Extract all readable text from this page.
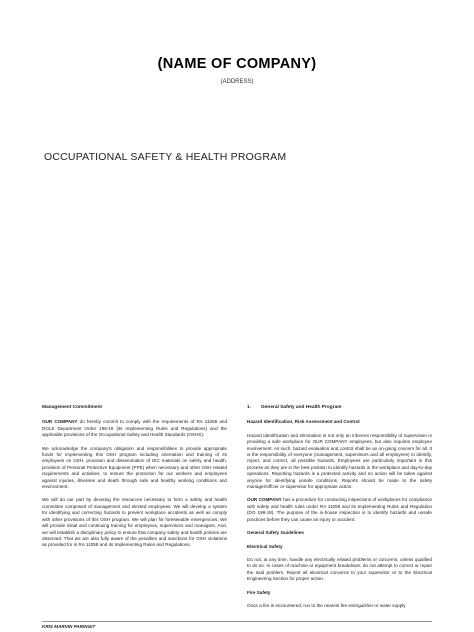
(NAME OF COMPANY)
(ADDRESS)
OCCUPATIONAL SAFETY & HEALTH PROGRAM
Management Commitment
OUR COMPANY do hereby commit to comply with the requirements of RA 11058 and DOLE Department Order 198-18 (its Implementing Rules and Regulations) and the applicable provisions of the Occupational Safety and Health Standards (OSHS).
We acknowledge the company's obligation and responsibilities to provide appropriate funds for implementing this OSH program including orientation and training of its employees on OSH, provision and dissemination of IEC materials on safety and health, provision of Personal Protective Equipment (PPE) when necessary and other OSH related requirements and activities, to ensure the protection for our workers and employees against injuries, illnesses and death through safe and healthy working conditions and environment.
We will do our part by devoting the resources necessary to form a safety and health committee composed of management and elected employees. We will develop a system for identifying and correcting hazards to prevent workplace accidents as well as comply with other provisions of this OSH program. We will plan for foreseeable emergencies. We will provide initial and continuing training for employees, supervisors and managers. And, we will establish a disciplinary policy to ensure that company safety and health policies are observed. That we are also fully aware of the penalties and sanctions for OSH violations as provided for in RA 11058 and its Implementing Rules and Regulations.
1. General Safety and Health Program
Hazard Identification, Risk Assessment and Control
Hazard identification and elimination is not only an inherent responsibility of supervision in providing a safe workplace for OUR COMPANY employees, but also requires employee involvement. As such, hazard evaluation and control shall be an on-going concern for all. It is the responsibility of everyone (management, supervisors and all employees) to identify, report, and correct, all possible hazards. Employees are particularly important in this process as they are in the best position to identify hazards in the workplace and day-to-day operations. Reporting hazards is a protected activity and no action will be taken against anyone for identifying unsafe conditions. Reports should be made to the safety manager/officer or supervisor for appropriate action.
OUR COMPANY has a procedure for conducting inspections of workplaces for compliance with safety and health rules under RA 11058 and its Implementing Rules and Regulation (DO 198-18). The purpose of the in-house inspection is to identify hazards and unsafe practices before they can cause an injury or accident.
General Safety Guidelines
Electrical Safety
Do not, at any time, handle any electrically related problems or concerns, unless qualified to do so. In cases of machine or equipment breakdown, do not attempt to correct or repair the said problem. Report all electrical concerns to your supervisor or to the Electrical Engineering Section for proper action.
Fire Safety
Once a fire is encountered, run to the nearest fire extinguisher or water supply
KRIS MARVIN PARINGIT
